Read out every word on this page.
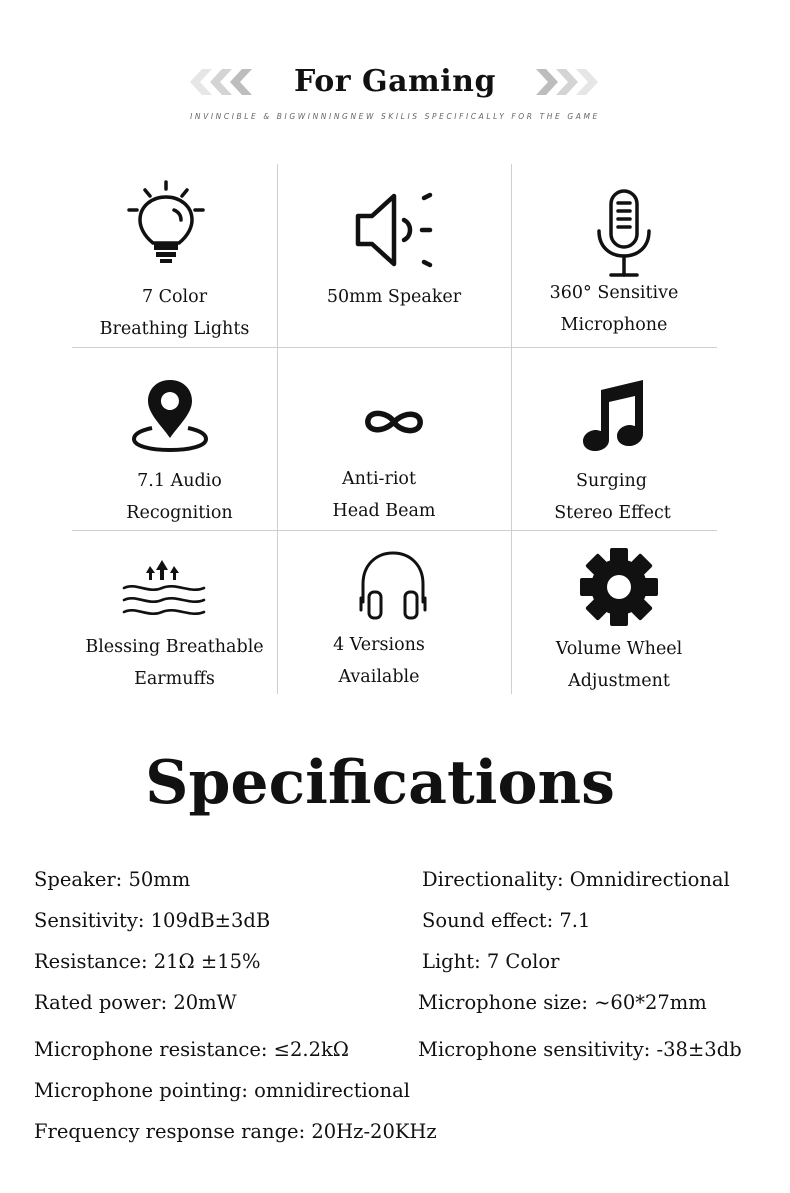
For Gaming
INVINCIBLE & BIGWINNINGNEW SKILIS SPECIFICALLY FOR THE GAME
7 Color
Breathing Lights
50mm Speaker	360° Sensitive
Microphone
7.1 Audio
Recognition
Anti-riot
Head Beam
Surging
Stereo Effect
Blessing Breathable
Earmuffs
4 Versions
Available
Volume Wheel
Adjustment
Specifications
Speaker: 50mm
Sensitivity: 109dB±3dB
Resistance: 21Ω ±15%
Rated power: 20mW
Microphone resistance: ≤2.2kΩ
Microphone pointing: omnidirectional
Frequency response range: 20Hz-20KHz
Directionality: Omnidirectional
Sound effect: 7.1
Light: 7 Color
Microphone size: ~60*27mm
Microphone sensitivity: -38±3db
